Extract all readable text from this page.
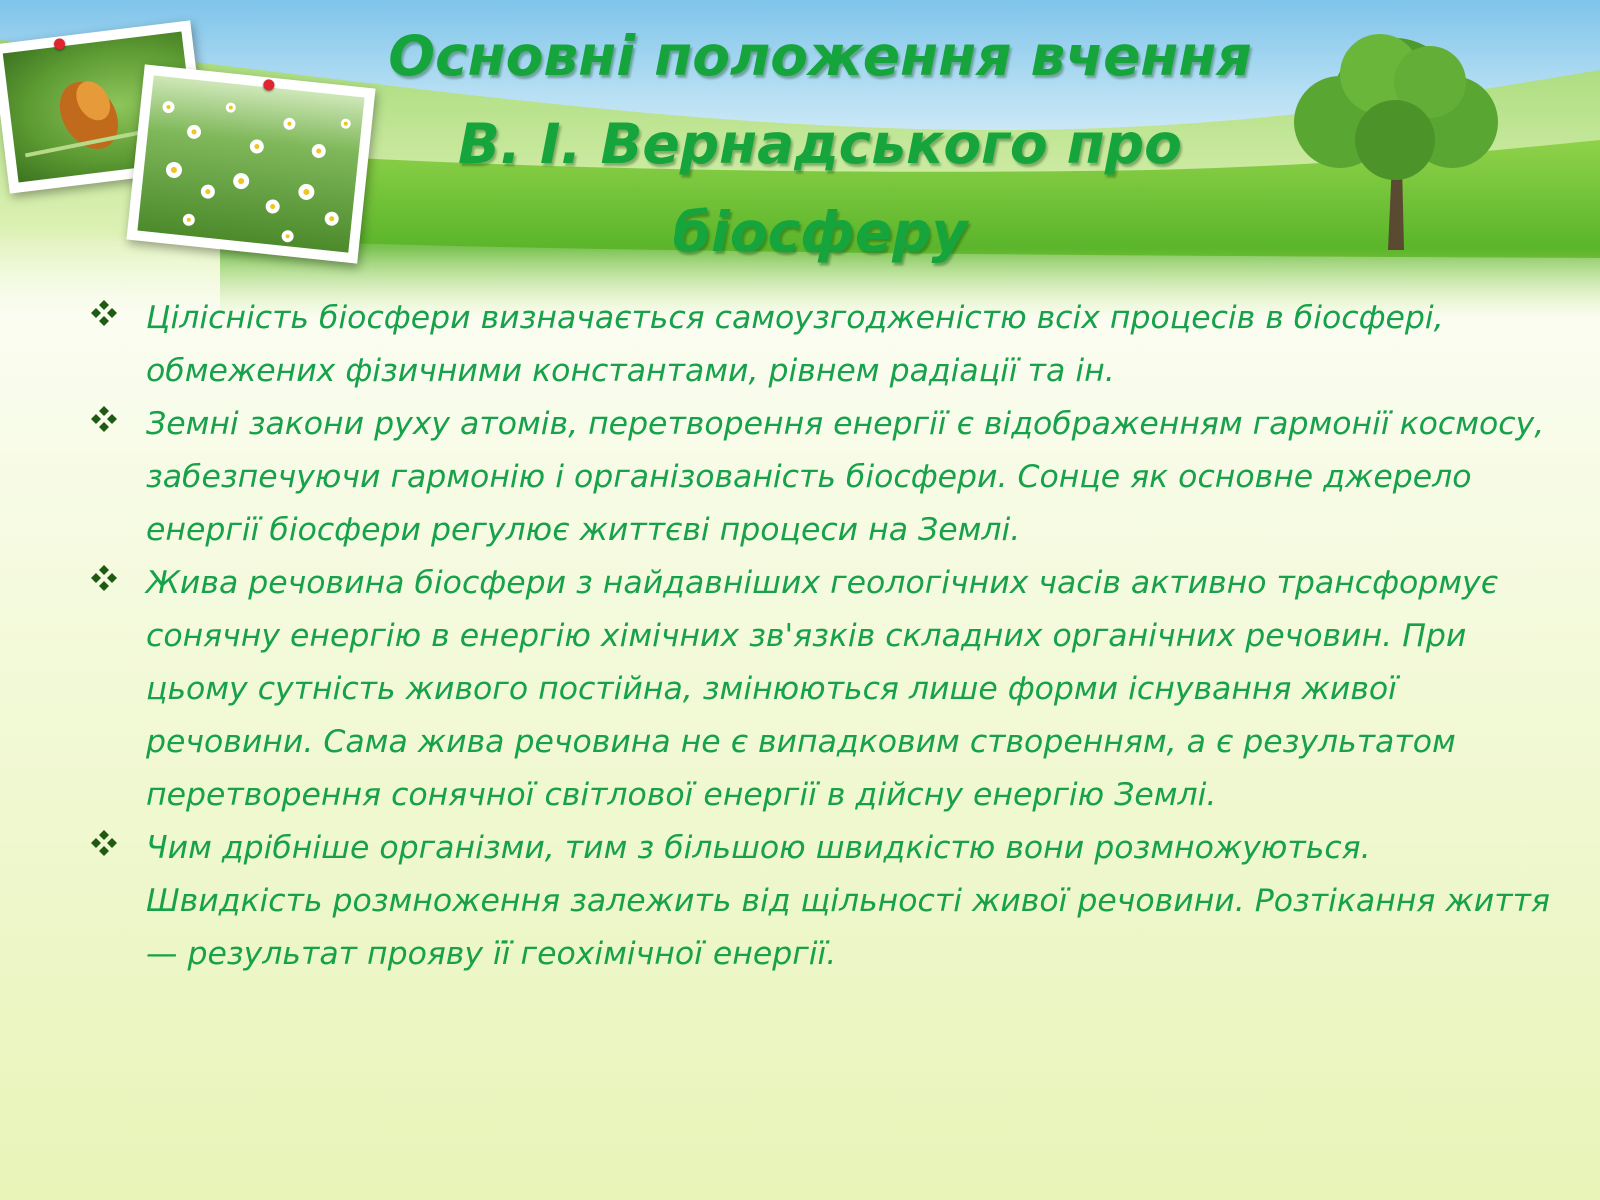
Основні положення вчення
В. І. Вернадського про
біосферу
Цілісність біосфери визначається самоузгодженістю всіх процесів в біосфері, обмежених фізичними константами, рівнем радіації та ін.
Земні закони руху атомів, перетворення енергії є відображенням гармонії космосу, забезпечуючи гармонію і організованість біосфери. Сонце як основне джерело енергії біосфери регулює життєві процеси на Землі.
Жива речовина біосфери з найдавніших геологічних часів активно трансформує сонячну енергію в енергію хімічних зв'язків складних органічних речовин. При цьому сутність живого постійна, змінюються лише форми існування живої речовини. Сама жива речовина не є випадковим створенням, а є результатом перетворення сонячної світлової енергії в дійсну енергію Землі.
Чим дрібніше організми, тим з більшою швидкістю вони розмножуються. Швидкість розмноження залежить від щільності живої речовини. Розтікання життя — результат прояву її геохімічної енергії.
